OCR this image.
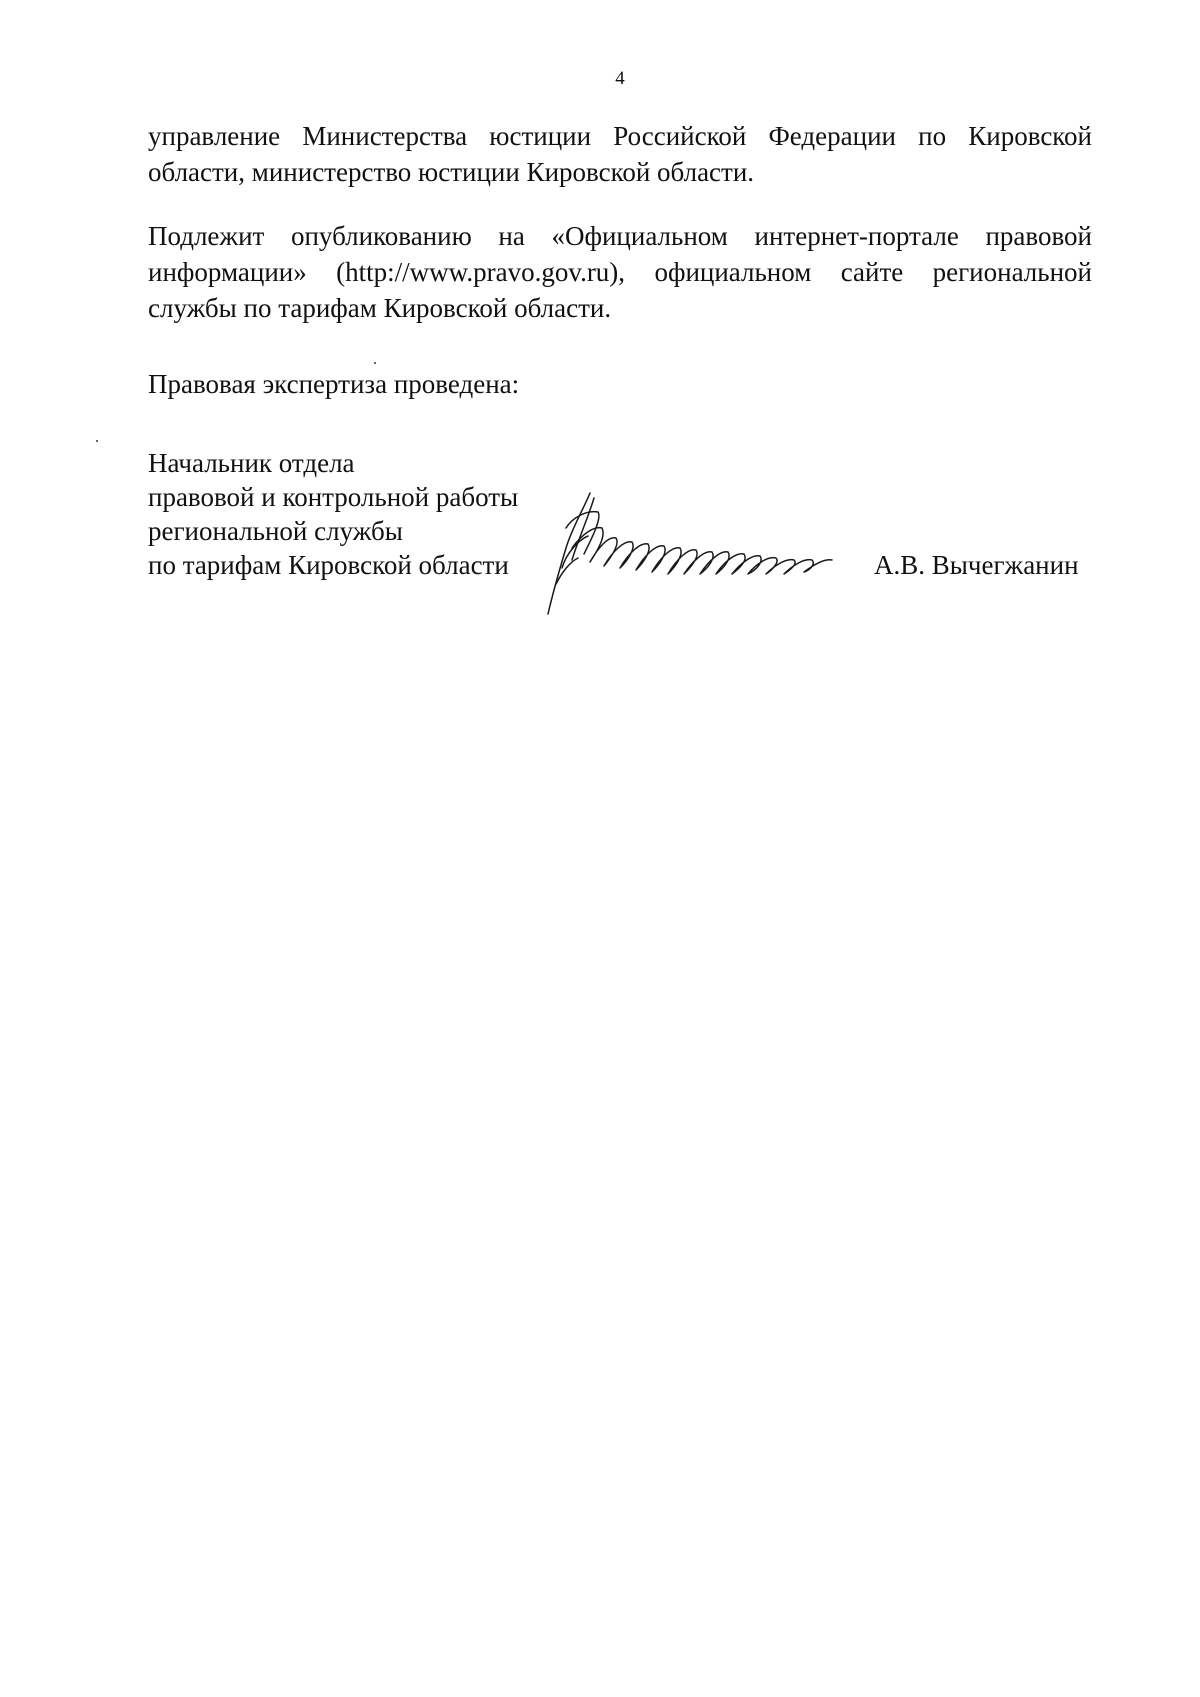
4
управление Министерства юстиции Российской Федерации по Кировской области, министерство юстиции Кировской области.
Подлежит опубликованию на «Официальном интернет-портале правовой информации» (http://www.pravo.gov.ru), официальном сайте региональной службы по тарифам Кировской области.
Правовая экспертиза проведена:
Начальник отдела
правовой и контрольной работы
региональной службы
по тарифам Кировской области	А.В. Вычегжанин
